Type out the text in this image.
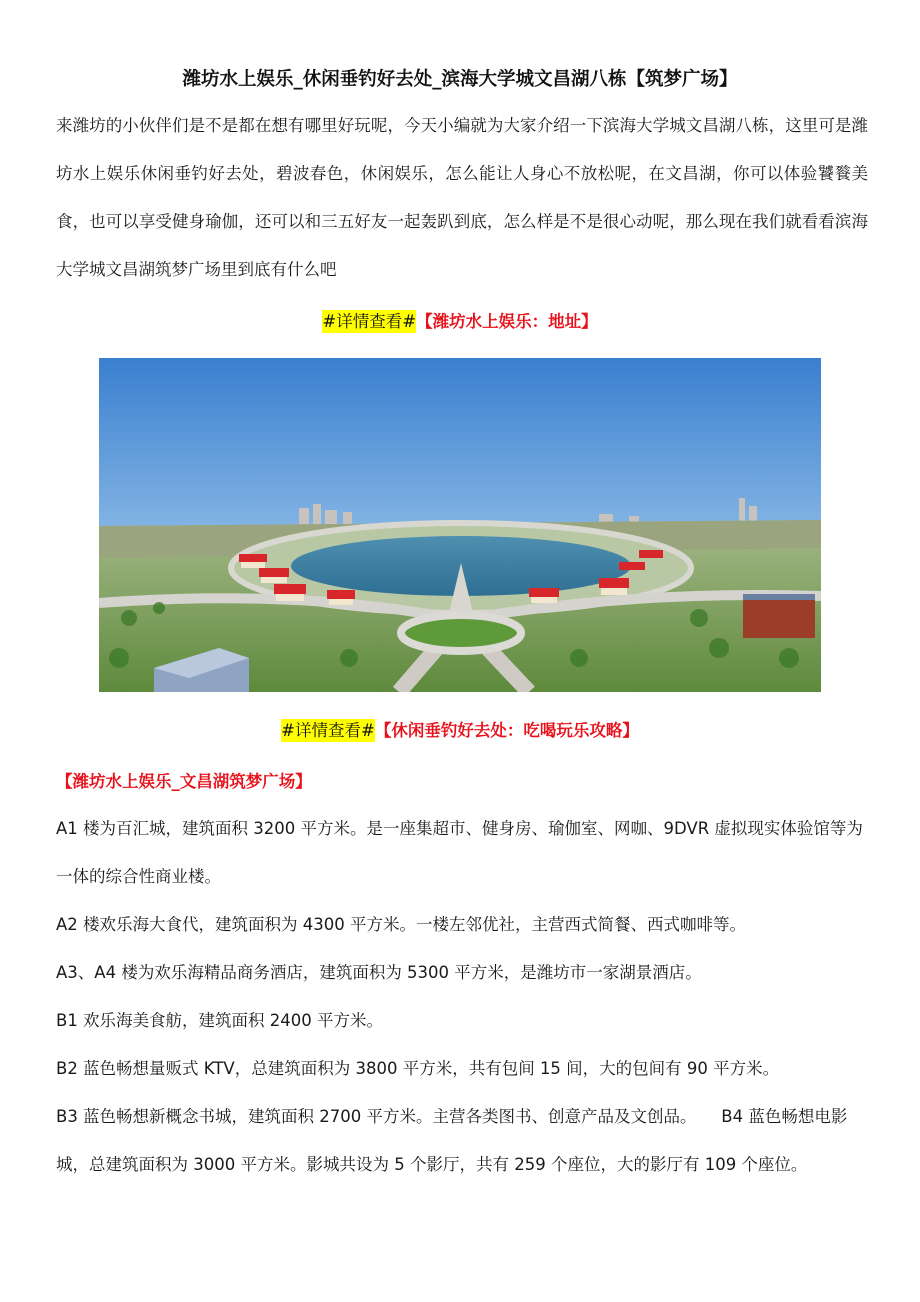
潍坊水上娱乐_休闲垂钓好去处_滨海大学城文昌湖八栋【筑梦广场】
来潍坊的小伙伴们是不是都在想有哪里好玩呢，今天小编就为大家介绍一下滨海大学城文昌湖八栋，这里可是潍坊水上娱乐休闲垂钓好去处，碧波春色，休闲娱乐，怎么能让人身心不放松呢，在文昌湖，你可以体验饕餮美食，也可以享受健身瑜伽，还可以和三五好友一起轰趴到底，怎么样是不是很心动呢，那么现在我们就看看滨海大学城文昌湖筑梦广场里到底有什么吧
#详情查看#【潍坊水上娱乐：地址】
#详情查看#【休闲垂钓好去处：吃喝玩乐攻略】
【潍坊水上娱乐_文昌湖筑梦广场】

A1 楼为百汇城，建筑面积 3200 平方米。是一座集超市、健身房、瑜伽室、网咖、9DVR 虚拟现实体验馆等为一体的综合性商业楼。

A2 楼欢乐海大食代，建筑面积为 4300 平方米。一楼左邻优社，主营西式简餐、西式咖啡等。

A3、A4 楼为欢乐海精品商务酒店，建筑面积为 5300 平方米，是潍坊市一家湖景酒店。

B1 欢乐海美食舫，建筑面积 2400 平方米。

B2 蓝色畅想量贩式 KTV，总建筑面积为 3800 平方米，共有包间 15 间，大的包间有 90 平方米。

B3 蓝色畅想新概念书城，建筑面积 2700 平方米。主营各类图书、创意产品及文创品。　　B4 蓝色畅想电影城，总建筑面积为 3000 平方米。影城共设为 5 个影厅，共有 259 个座位，大的影厅有 109 个座位。
